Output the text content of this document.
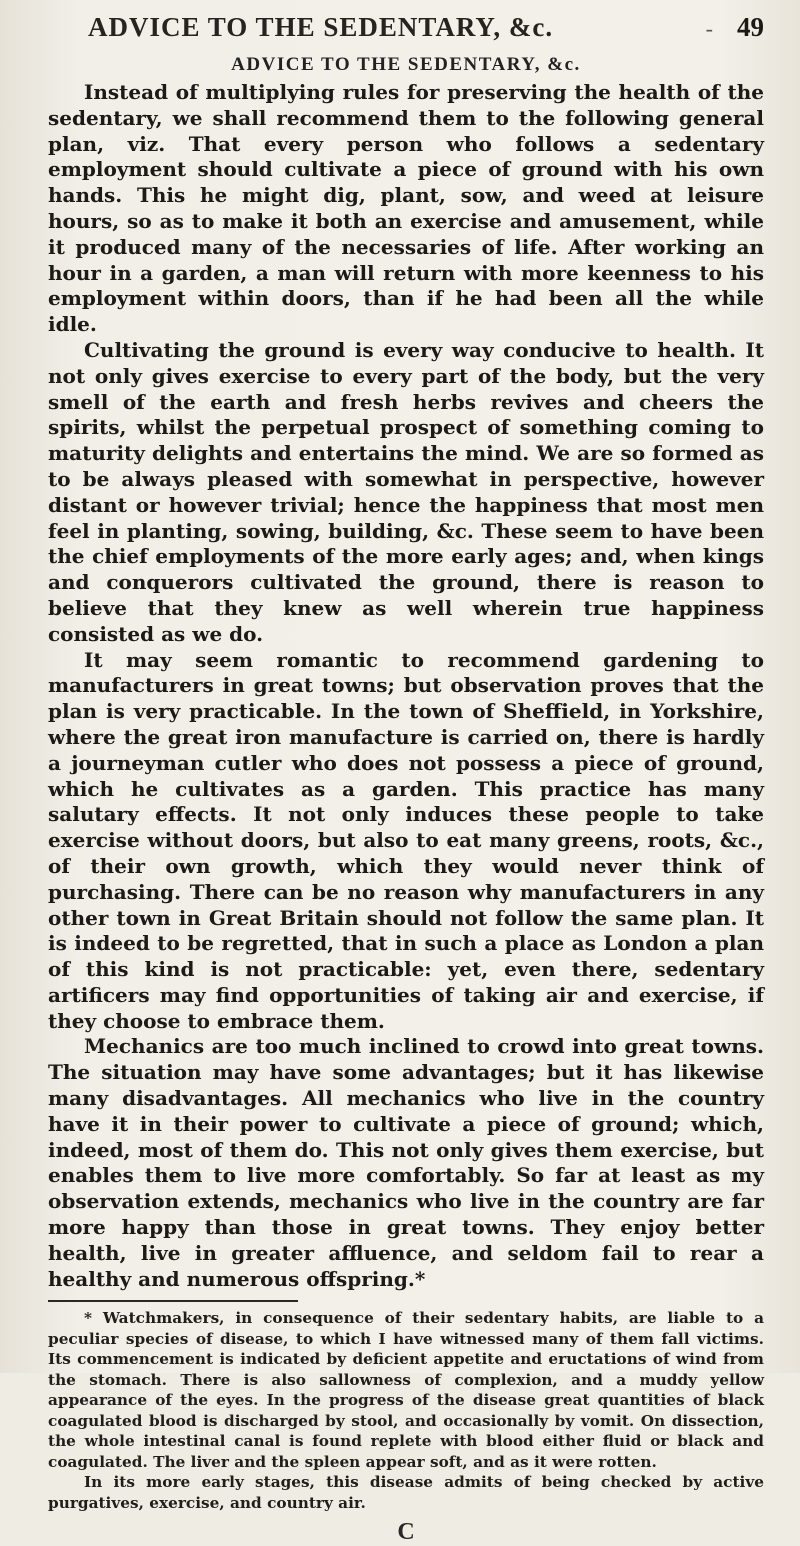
ADVICE TO THE SEDENTARY, &c.	- 49
ADVICE TO THE SEDENTARY, &c.

Instead of multiplying rules for preserving the health of the sedentary, we shall recommend them to the following general plan, viz. That every person who follows a sedentary employment should cultivate a piece of ground with his own hands. This he might dig, plant, sow, and weed at leisure hours, so as to make it both an exercise and amusement, while it produced many of the necessaries of life. After working an hour in a garden, a man will return with more keenness to his employment within doors, than if he had been all the while idle.

Cultivating the ground is every way conducive to health. It not only gives exercise to every part of the body, but the very smell of the earth and fresh herbs revives and cheers the spirits, whilst the perpetual prospect of something coming to maturity delights and entertains the mind. We are so formed as to be always pleased with somewhat in perspective, however distant or however trivial; hence the happiness that most men feel in planting, sowing, building, &c. These seem to have been the chief employments of the more early ages; and, when kings and conquerors cultivated the ground, there is reason to believe that they knew as well wherein true happiness consisted as we do.

It may seem romantic to recommend gardening to manufacturers in great towns; but observation proves that the plan is very practicable. In the town of Sheffield, in Yorkshire, where the great iron manufacture is carried on, there is hardly a journeyman cutler who does not possess a piece of ground, which he cultivates as a garden. This practice has many salutary effects. It not only induces these people to take exercise without doors, but also to eat many greens, roots, &c., of their own growth, which they would never think of purchasing. There can be no reason why manufacturers in any other town in Great Britain should not follow the same plan. It is indeed to be regretted, that in such a place as London a plan of this kind is not practicable: yet, even there, sedentary artificers may find opportunities of taking air and exercise, if they choose to embrace them.

Mechanics are too much inclined to crowd into great towns. The situation may have some advantages; but it has likewise many disadvantages. All mechanics who live in the country have it in their power to cultivate a piece of ground; which, indeed, most of them do. This not only gives them exercise, but enables them to live more comfortably. So far at least as my observation extends, mechanics who live in the country are far more happy than those in great towns. They enjoy better health, live in greater affluence, and seldom fail to rear a healthy and numerous offspring.*

* Watchmakers, in consequence of their sedentary habits, are liable to a peculiar species of disease, to which I have witnessed many of them fall victims. Its commencement is indicated by deficient appetite and eructations of wind from the stomach. There is also sallowness of complexion, and a muddy yellow appearance of the eyes. In the progress of the disease great quantities of black coagulated blood is discharged by stool, and occasionally by vomit. On dissection, the whole intestinal canal is found replete with blood either fluid or black and coagulated. The liver and the spleen appear soft, and as it were rotten.

In its more early stages, this disease admits of being checked by active purgatives, exercise, and country air.

C
